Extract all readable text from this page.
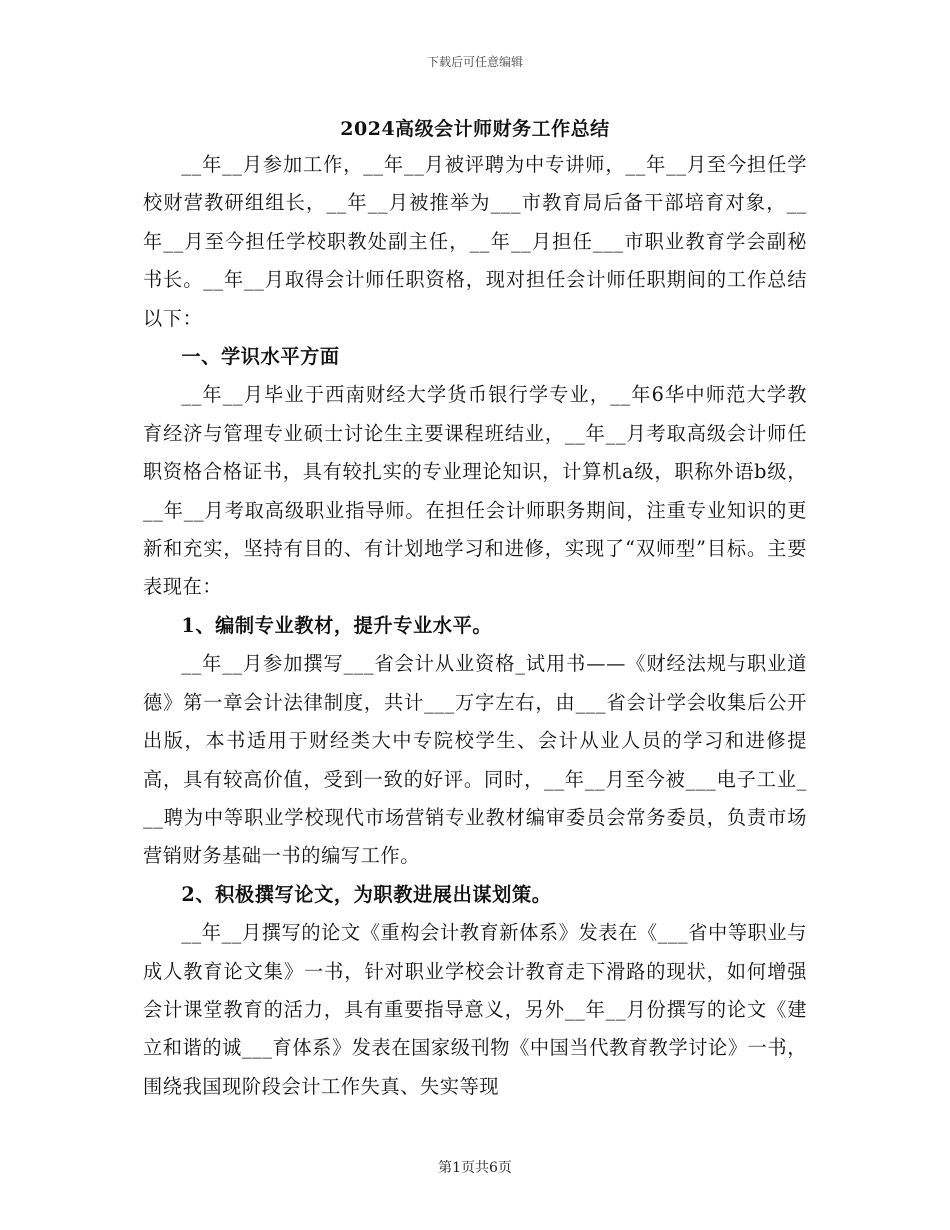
下载后可任意编辑
2024高级会计师财务工作总结

__年__月参加工作，__年__月被评聘为中专讲师，__年__月至今担任学校财营教研组组长，__年__月被推举为___市教育局后备干部培育对象，__年__月至今担任学校职教处副主任，__年__月担任___市职业教育学会副秘书长。__年__月取得会计师任职资格，现对担任会计师任职期间的工作总结以下：

一、学识水平方面

__年__月毕业于西南财经大学货币银行学专业，__年6华中师范大学教育经济与管理专业硕士讨论生主要课程班结业，__年__月考取高级会计师任职资格合格证书，具有较扎实的专业理论知识，计算机a级，职称外语b级，__年__月考取高级职业指导师。在担任会计师职务期间，注重专业知识的更新和充实，坚持有目的、有计划地学习和进修，实现了“双师型”目标。主要表现在：

1、编制专业教材，提升专业水平。

__年__月参加撰写___省会计从业资格_试用书——《财经法规与职业道德》第一章会计法律制度，共计___万字左右，由___省会计学会收集后公开出版，本书适用于财经类大中专院校学生、会计从业人员的学习和进修提高，具有较高价值，受到一致的好评。同时，__年__月至今被___电子工业___聘为中等职业学校现代市场营销专业教材编审委员会常务委员，负责市场营销财务基础一书的编写工作。

2、积极撰写论文，为职教进展出谋划策。

__年__月撰写的论文《重构会计教育新体系》发表在《___省中等职业与成人教育论文集》一书，针对职业学校会计教育走下滑路的现状，如何增强会计课堂教育的活力，具有重要指导意义，另外__年__月份撰写的论文《建立和谐的诚___育体系》发表在国家级刊物《中国当代教育教学讨论》一书，围绕我国现阶段会计工作失真、失实等现

第1页共6页
